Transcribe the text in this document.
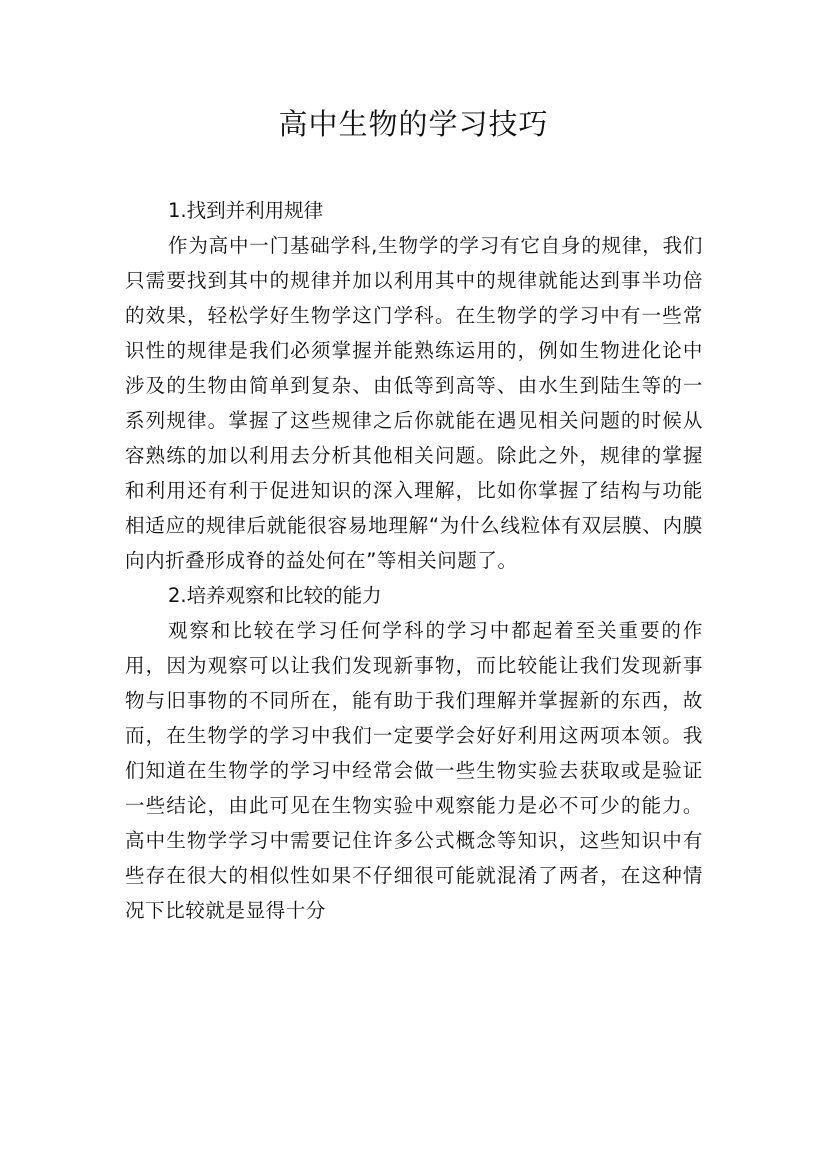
高中生物的学习技巧
1.找到并利用规律

作为高中一门基础学科,生物学的学习有它自身的规律，我们只需要找到其中的规律并加以利用其中的规律就能达到事半功倍的效果，轻松学好生物学这门学科。在生物学的学习中有一些常识性的规律是我们必须掌握并能熟练运用的，例如生物进化论中涉及的生物由简单到复杂、由低等到高等、由水生到陆生等的一系列规律。掌握了这些规律之后你就能在遇见相关问题的时候从容熟练的加以利用去分析其他相关问题。除此之外，规律的掌握和利用还有利于促进知识的深入理解，比如你掌握了结构与功能相适应的规律后就能很容易地理解“为什么线粒体有双层膜、内膜向内折叠形成脊的益处何在”等相关问题了。

2.培养观察和比较的能力

观察和比较在学习任何学科的学习中都起着至关重要的作用，因为观察可以让我们发现新事物，而比较能让我们发现新事物与旧事物的不同所在，能有助于我们理解并掌握新的东西，故而，在生物学的学习中我们一定要学会好好利用这两项本领。我们知道在生物学的学习中经常会做一些生物实验去获取或是验证一些结论，由此可见在生物实验中观察能力是必不可少的能力。高中生物学学习中需要记住许多公式概念等知识，这些知识中有些存在很大的相似性如果不仔细很可能就混淆了两者，在这种情况下比较就是显得十分
